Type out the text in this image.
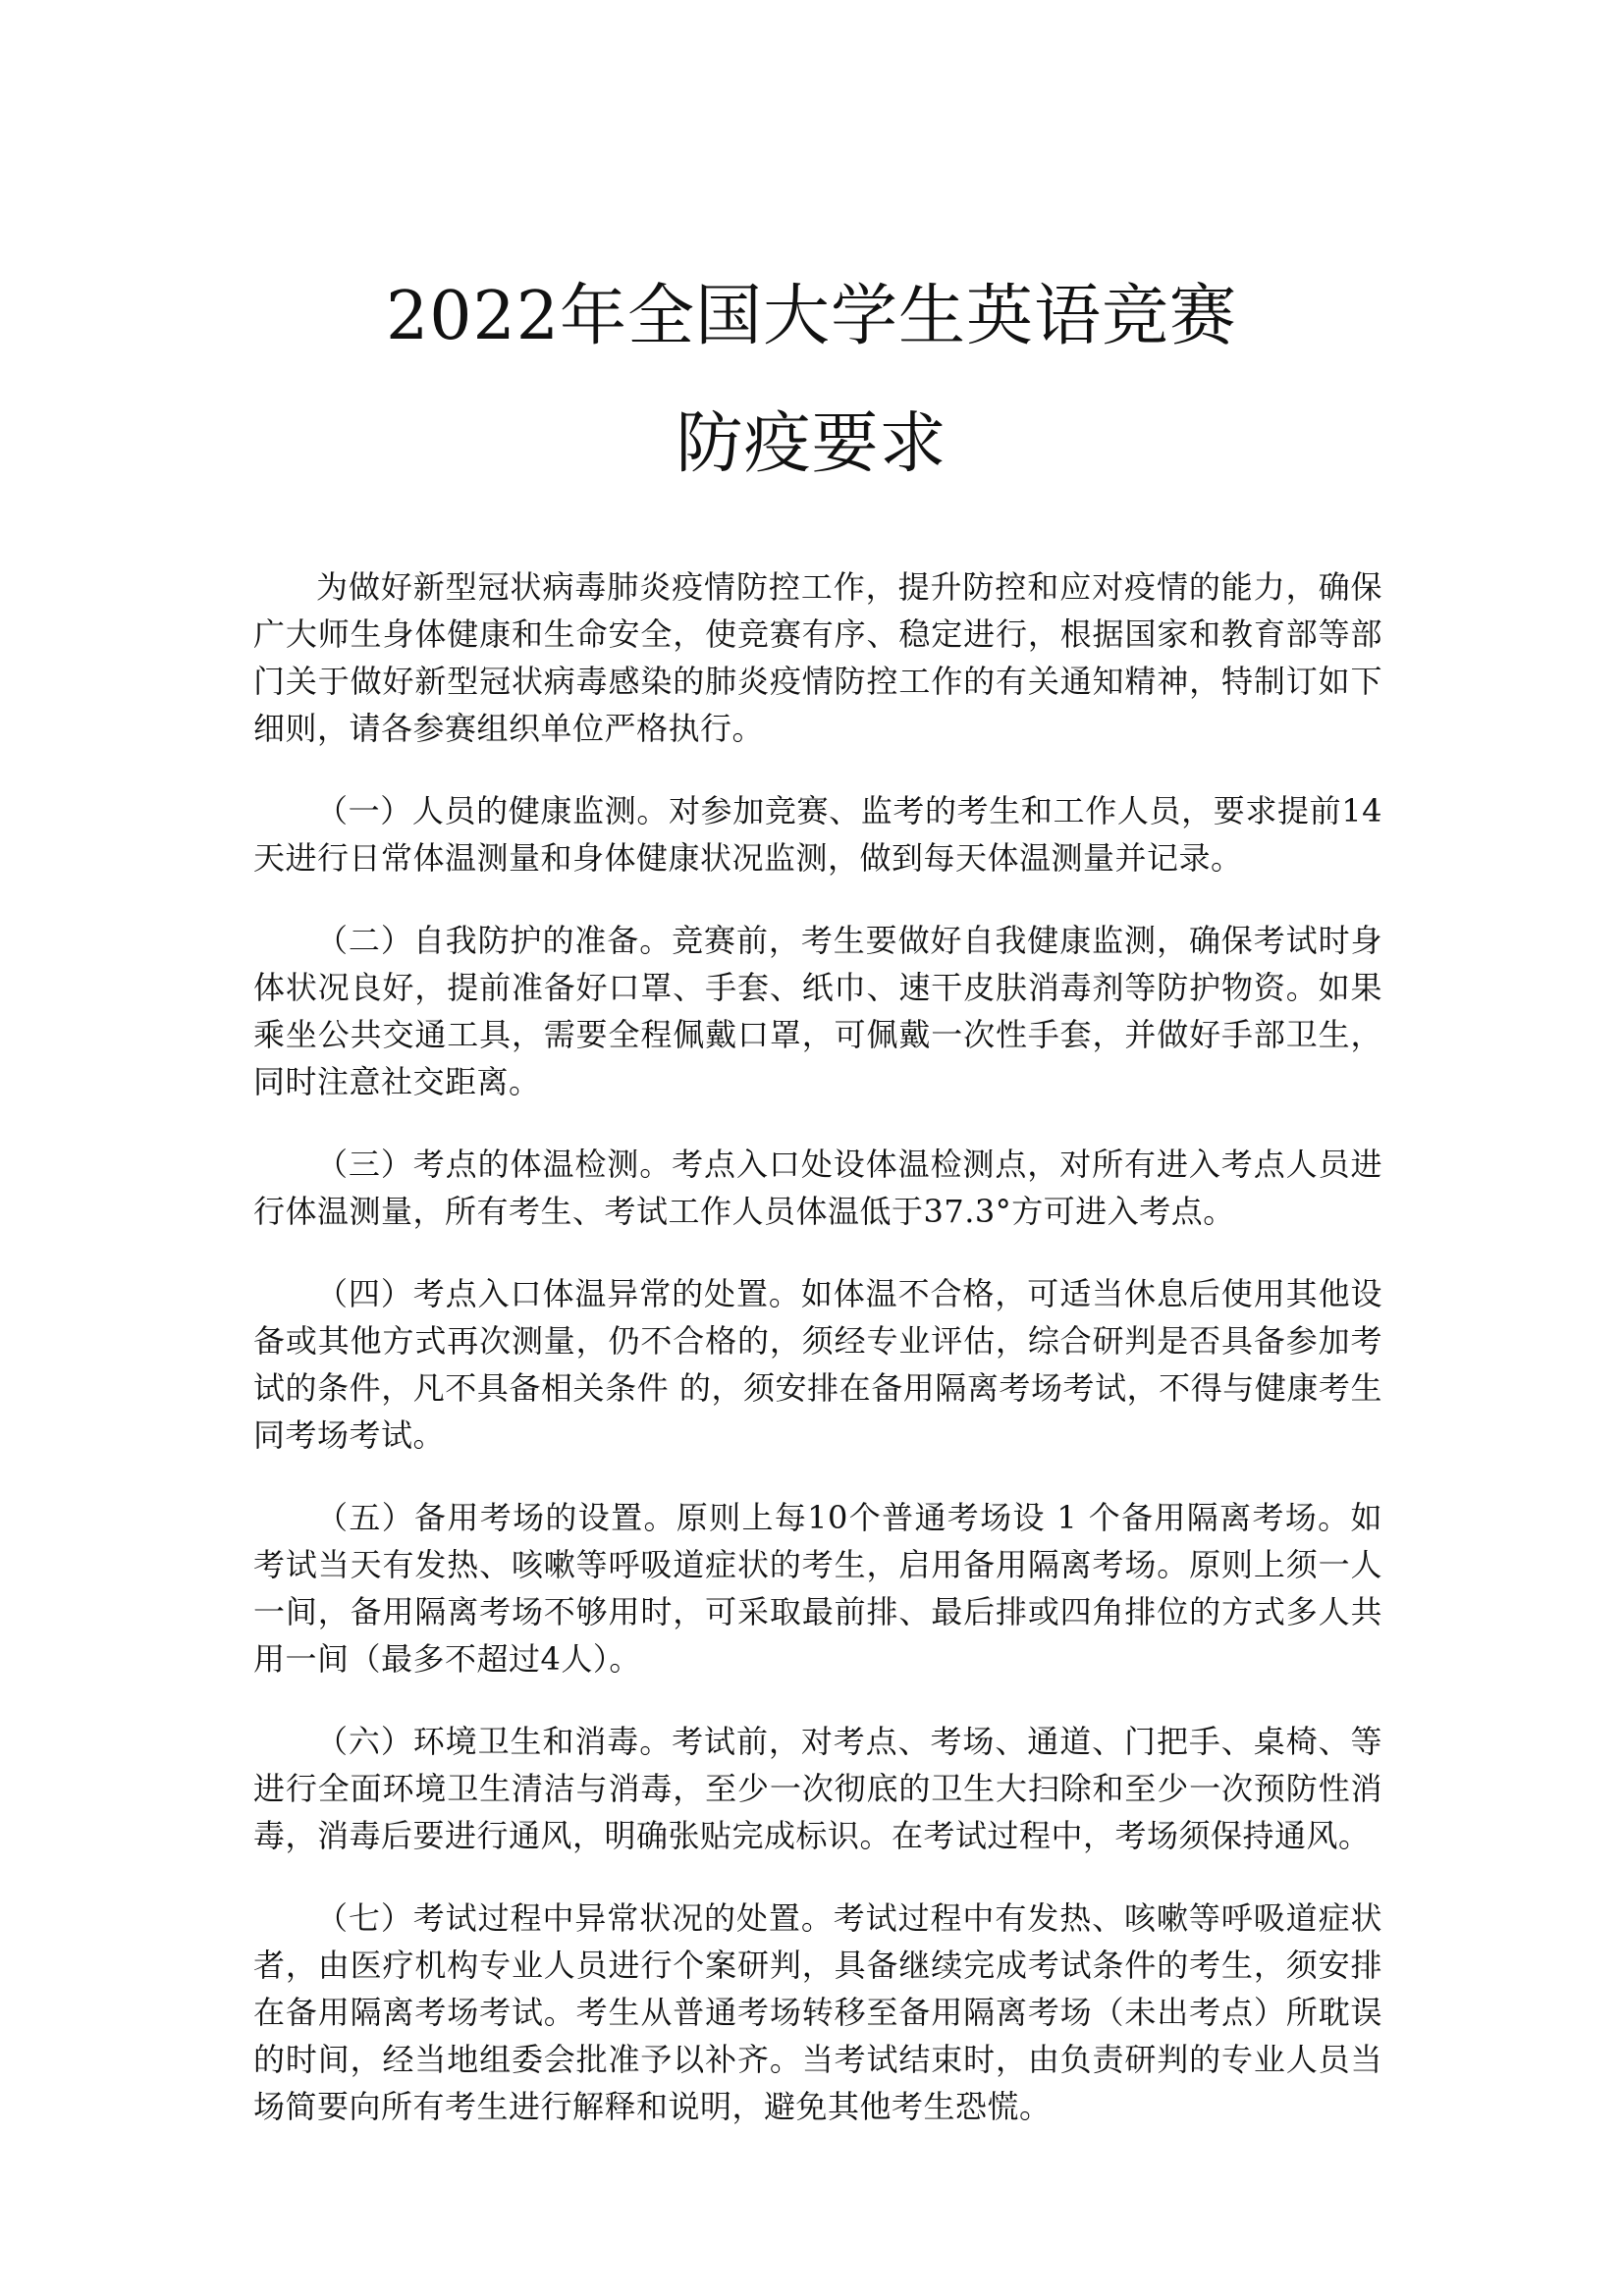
2022年全国大学生英语竞赛
防疫要求

为做好新型冠状病毒肺炎疫情防控工作，提升防控和应对疫情的能力，确保广大师生身体健康和生命安全，使竞赛有序、稳定进行，根据国家和教育部等部门关于做好新型冠状病毒感染的肺炎疫情防控工作的有关通知精神，特制订如下细则，请各参赛组织单位严格执行。

（一）人员的健康监测。对参加竞赛、监考的考生和工作人员，要求提前14天进行日常体温测量和身体健康状况监测，做到每天体温测量并记录。

（二）自我防护的准备。竞赛前，考生要做好自我健康监测，确保考试时身体状况良好，提前准备好口罩、手套、纸巾、速干皮肤消毒剂等防护物资。如果乘坐公共交通工具，需要全程佩戴口罩，可佩戴一次性手套，并做好手部卫生，同时注意社交距离。

（三）考点的体温检测。考点入口处设体温检测点，对所有进入考点人员进行体温测量，所有考生、考试工作人员体温低于37.3°方可进入考点。

（四）考点入口体温异常的处置。如体温不合格，可适当休息后使用其他设备或其他方式再次测量，仍不合格的，须经专业评估，综合研判是否具备参加考试的条件，凡不具备相关条件 的，须安排在备用隔离考场考试，不得与健康考生同考场考试。

（五）备用考场的设置。原则上每10个普通考场设 1 个备用隔离考场。如考试当天有发热、咳嗽等呼吸道症状的考生，启用备用隔离考场。原则上须一人一间，备用隔离考场不够用时，可采取最前排、最后排或四角排位的方式多人共用一间（最多不超过4人）。

（六）环境卫生和消毒。考试前，对考点、考场、通道、门把手、桌椅、等进行全面环境卫生清洁与消毒，至少一次彻底的卫生大扫除和至少一次预防性消毒，消毒后要进行通风，明确张贴完成标识。在考试过程中，考场须保持通风。

（七）考试过程中异常状况的处置。考试过程中有发热、咳嗽等呼吸道症状者，由医疗机构专业人员进行个案研判，具备继续完成考试条件的考生，须安排在备用隔离考场考试。考生从普通考场转移至备用隔离考场（未出考点）所耽误的时间，经当地组委会批准予以补齐。当考试结束时，由负责研判的专业人员当场简要向所有考生进行解释和说明，避免其他考生恐慌。
